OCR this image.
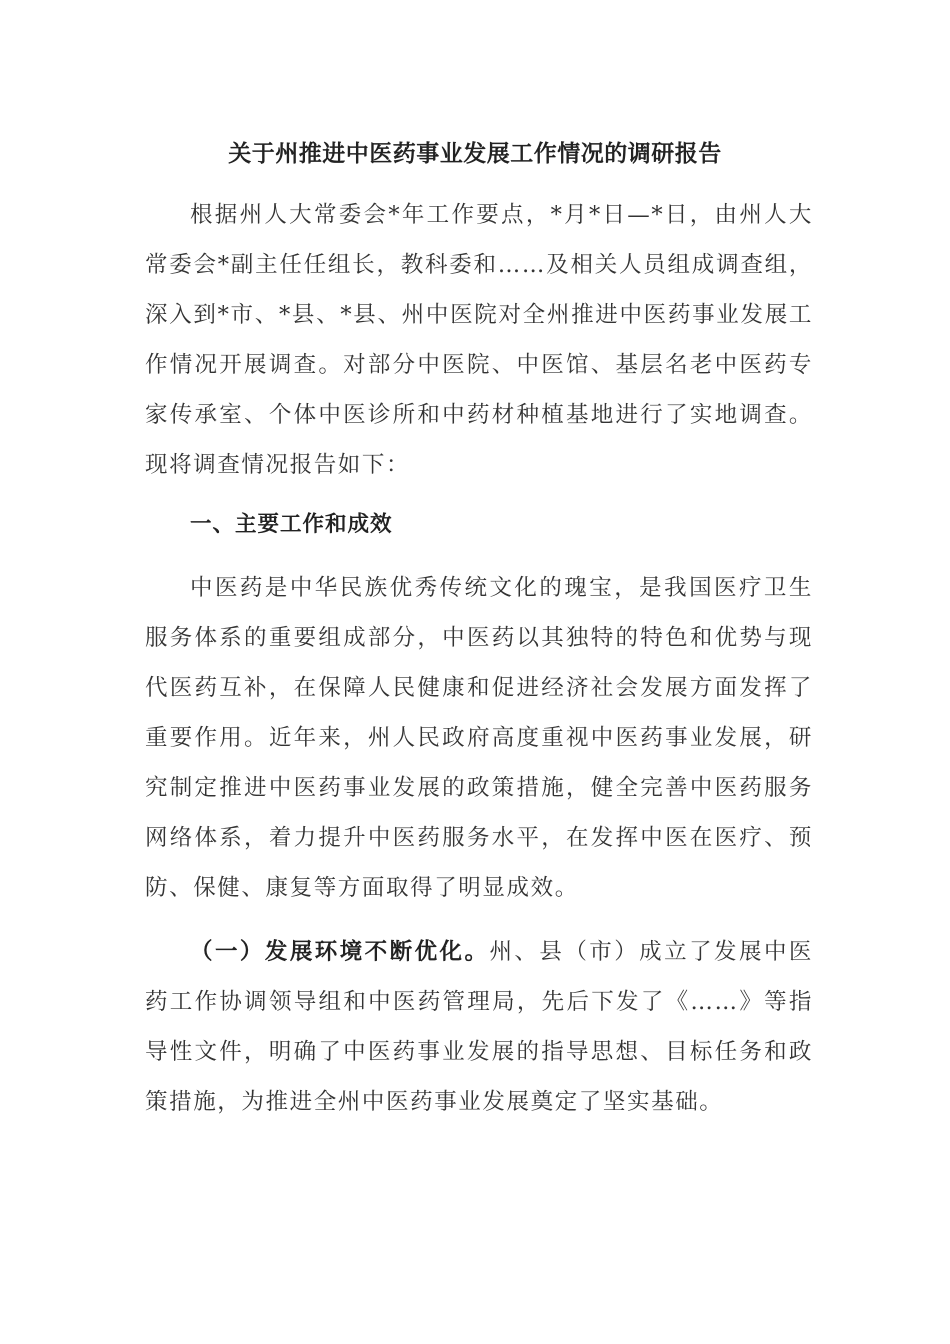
关于州推进中医药事业发展工作情况的调研报告

根据州人大常委会*年工作要点，*月*日—*日，由州人大常委会*副主任任组长，教科委和……及相关人员组成调查组，深入到*市、*县、*县、州中医院对全州推进中医药事业发展工作情况开展调查。对部分中医院、中医馆、基层名老中医药专家传承室、个体中医诊所和中药材种植基地进行了实地调查。现将调查情况报告如下：

一、主要工作和成效

中医药是中华民族优秀传统文化的瑰宝，是我国医疗卫生服务体系的重要组成部分，中医药以其独特的特色和优势与现代医药互补，在保障人民健康和促进经济社会发展方面发挥了重要作用。近年来，州人民政府高度重视中医药事业发展，研究制定推进中医药事业发展的政策措施，健全完善中医药服务网络体系，着力提升中医药服务水平，在发挥中医在医疗、预防、保健、康复等方面取得了明显成效。

（一）发展环境不断优化。州、县（市）成立了发展中医药工作协调领导组和中医药管理局，先后下发了《……》等指导性文件，明确了中医药事业发展的指导思想、目标任务和政策措施，为推进全州中医药事业发展奠定了坚实基础。
